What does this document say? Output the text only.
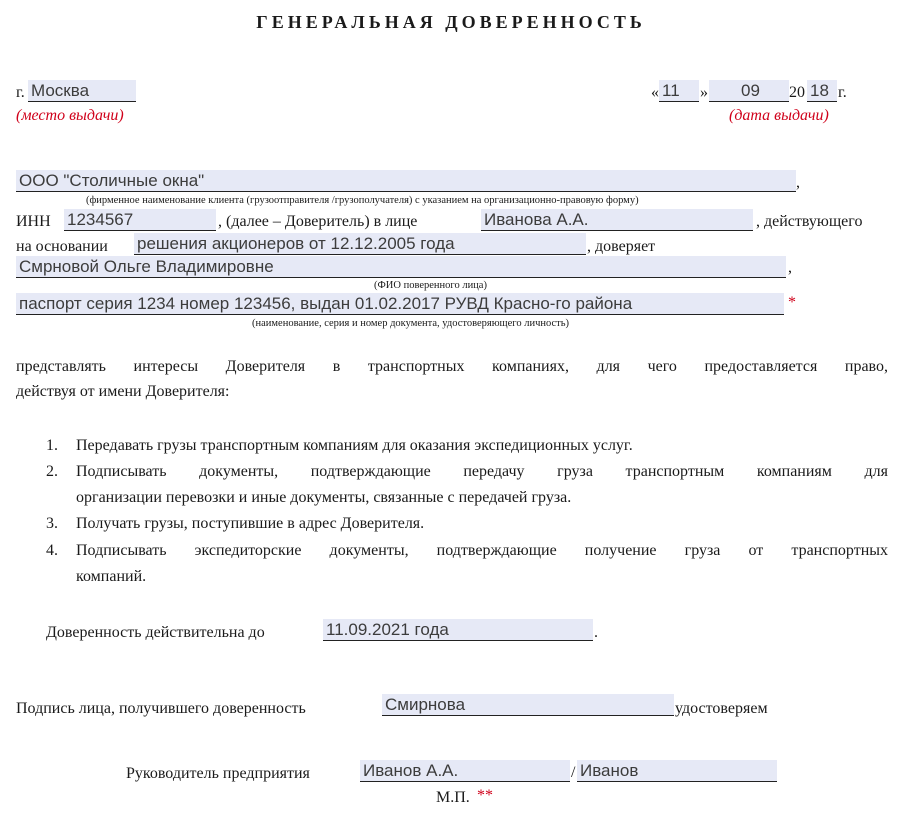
ГЕНЕРАЛЬНАЯ ДОВЕРЕННОСТЬ
г. Москва
(место выдачи)
« 11	»	09	20 18 г.
(дата выдачи)
ООО "Столичные окна"	,
(фирменное наименование клиента (грузоотправителя /грузополучателя) с указанием на организационно-правовую форму)
ИНН 1234567	, (далее – Доверитель) в лице	Иванова А.А.	, действующего
на основании решения акционеров от 12.12.2005 года	, доверяет
Смрновой Ольге Владимировне	,
(ФИО поверенного лица)
паспорт серия 1234 номер 123456, выдан 01.02.2017 РУВД Красно-го района	*
(наименование, серия и номер документа, удостоверяющего личность)
представлять интересы Доверителя в транспортных компаниях, для чего предоставляется право,
действуя от имени Доверителя:
1. Передавать грузы транспортным компаниям для оказания экспедиционных услуг.
2. Подписывать документы, подтверждающие передачу груза транспортным компаниям для
организации перевозки и иные документы, связанные с передачей груза.
3. Получать грузы, поступившие в адрес Доверителя.
4. Подписывать экспедиторские документы, подтверждающие получение груза от транспортных
компаний.
Доверенность действительна до	11.09.2021 года	.
Подпись лица, получившего доверенность	Смирнова	удостоверяем
Руководитель предприятия	Иванов А.А.	/ Иванов
М.П. **
